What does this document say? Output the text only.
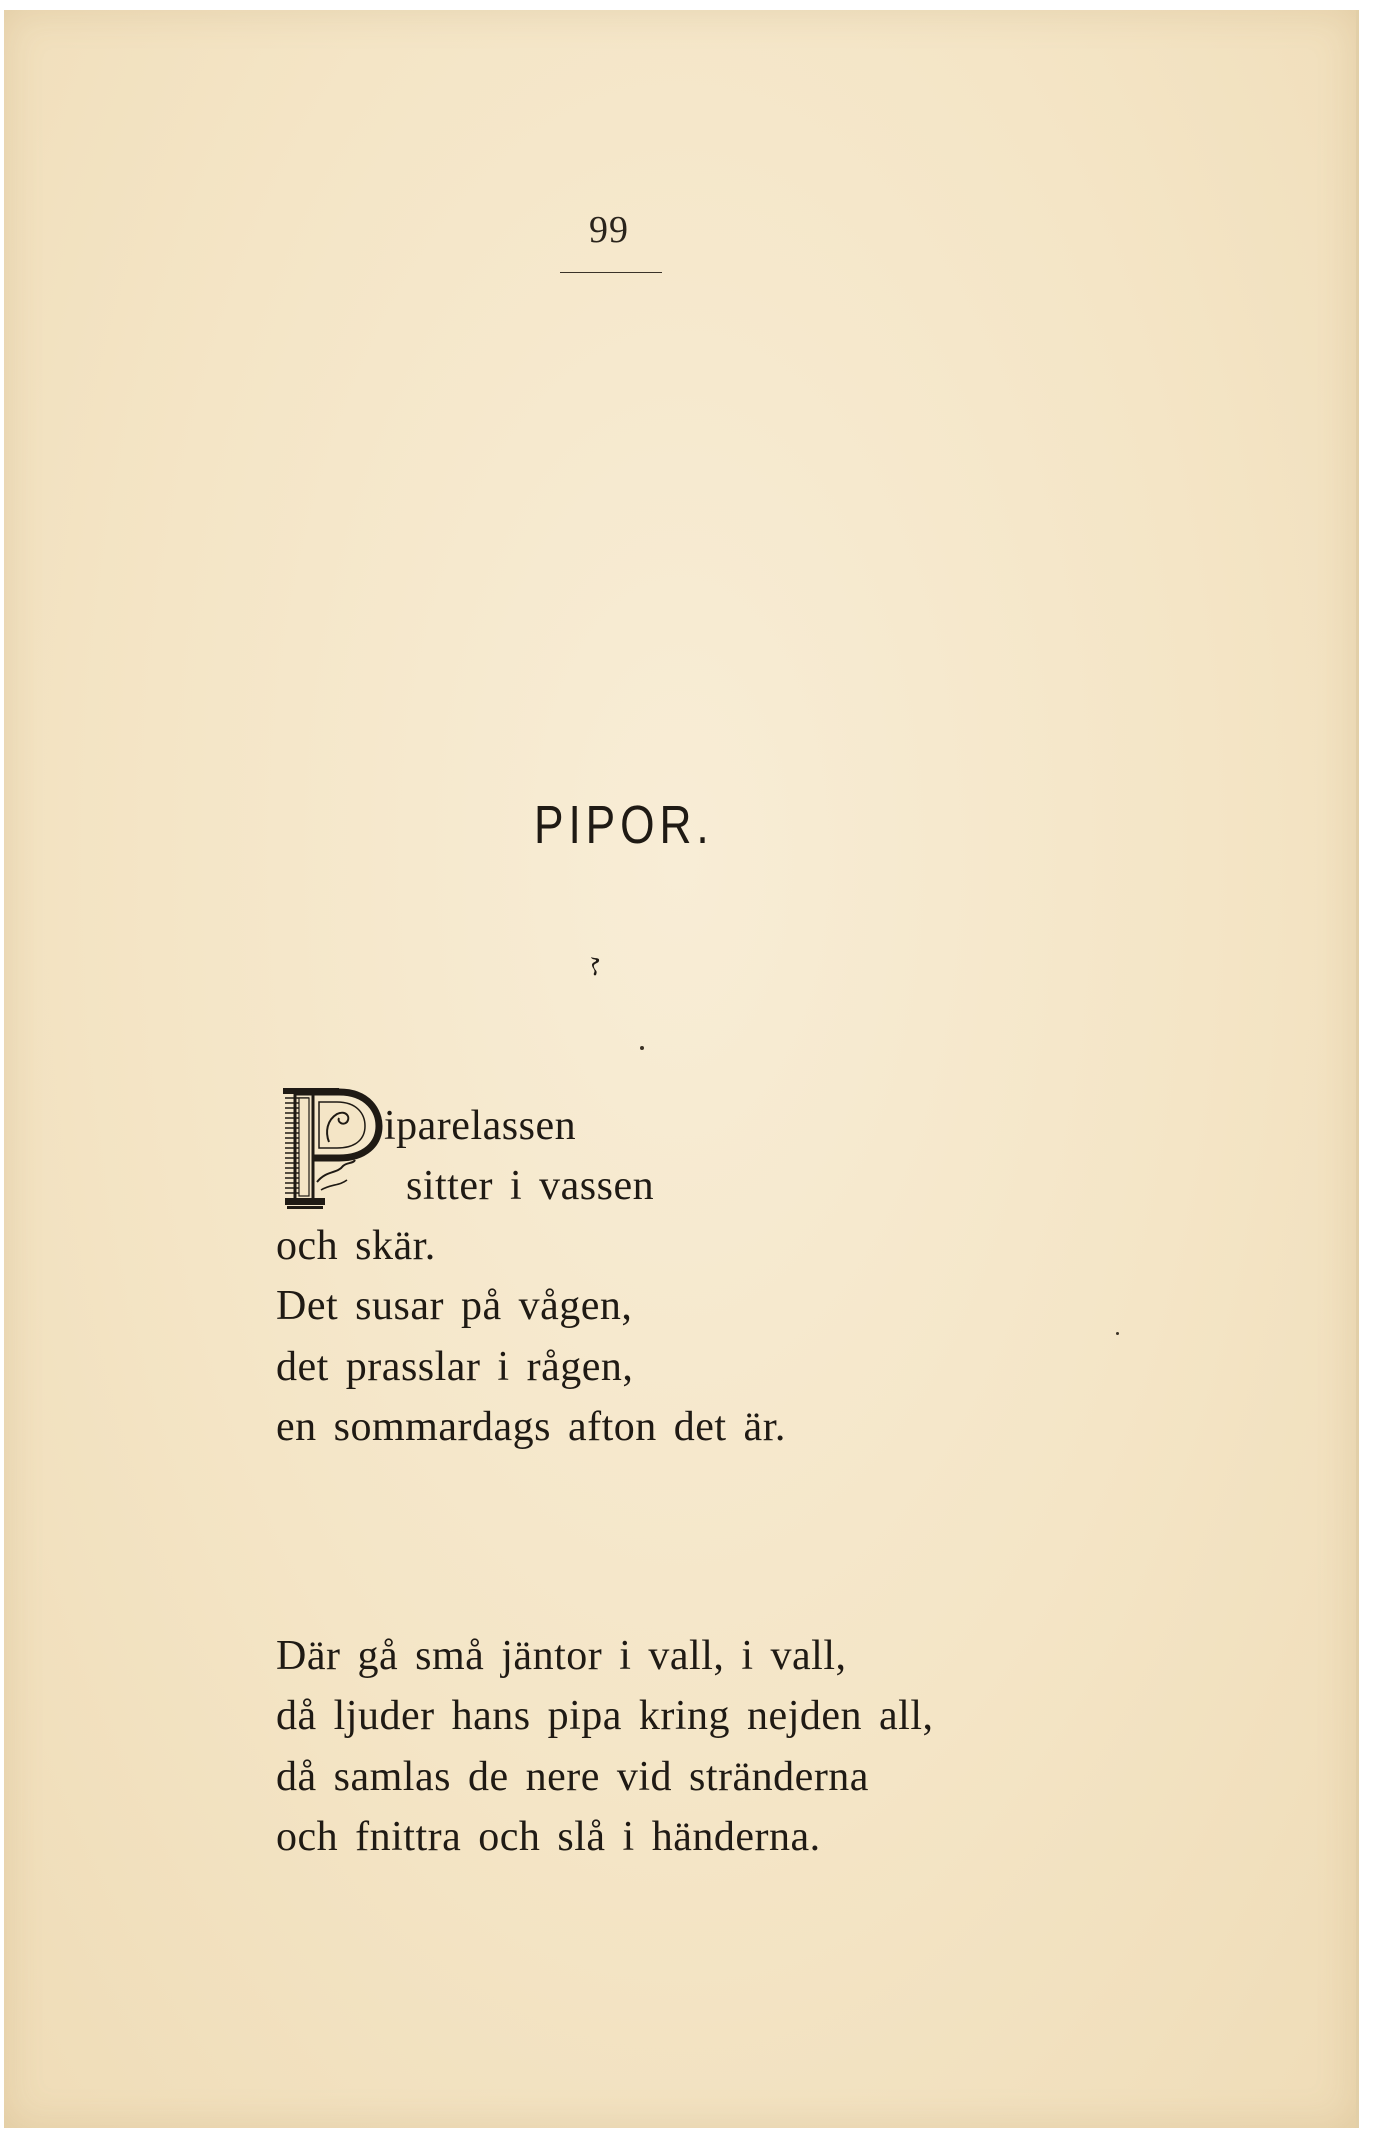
99
PIPOR.
iparelassen
sitter i vassen
och skär.
Det susar på vågen,
det prasslar i rågen,
en sommardags afton det är.
Där gå små jäntor i vall, i vall,
då ljuder hans pipa kring nejden all,
då samlas de nere vid stränderna
och fnittra och slå i händerna.
